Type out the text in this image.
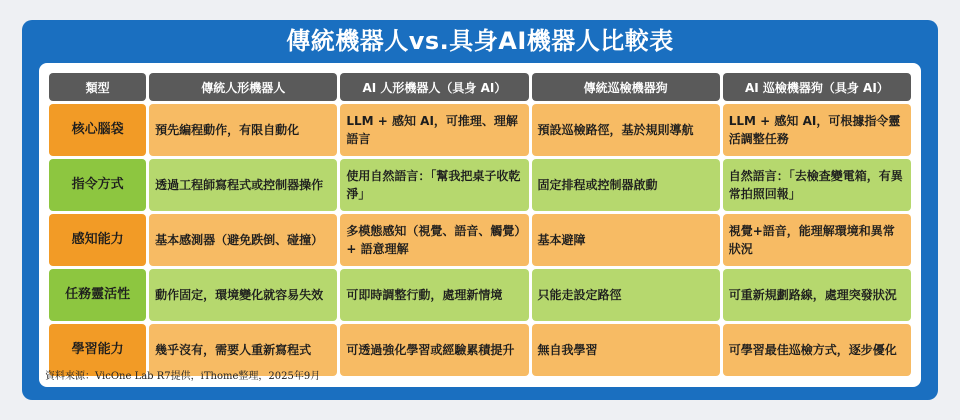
傳統機器人vs.具身AI機器人比較表
類型	傳統人形機器人	AI 人形機器人（具身 AI）	傳統巡檢機器狗	AI 巡檢機器狗（具身 AI）
核心腦袋	預先編程動作，有限自動化	LLM + 感知 AI，可推理、理解語言	預設巡檢路徑，基於規則導航	LLM + 感知 AI，可根據指令靈活調整任務
指令方式	透過工程師寫程式或控制器操作	使用自然語言：「幫我把桌子收乾淨」	固定排程或控制器啟動	自然語言：「去檢查變電箱，有異常拍照回報」
感知能力	基本感測器（避免跌倒、碰撞）	多模態感知（視覺、語音、觸覺）+ 語意理解	基本避障	視覺+語音，能理解環境和異常狀況
任務靈活性	動作固定，環境變化就容易失效	可即時調整行動，處理新情境	只能走設定路徑	可重新規劃路線，處理突發狀況
學習能力	幾乎沒有，需要人重新寫程式	可透過強化學習或經驗累積提升	無自我學習	可學習最佳巡檢方式，逐步優化
資料來源：VicOne Lab R7提供，iThome整理，2025年9月
